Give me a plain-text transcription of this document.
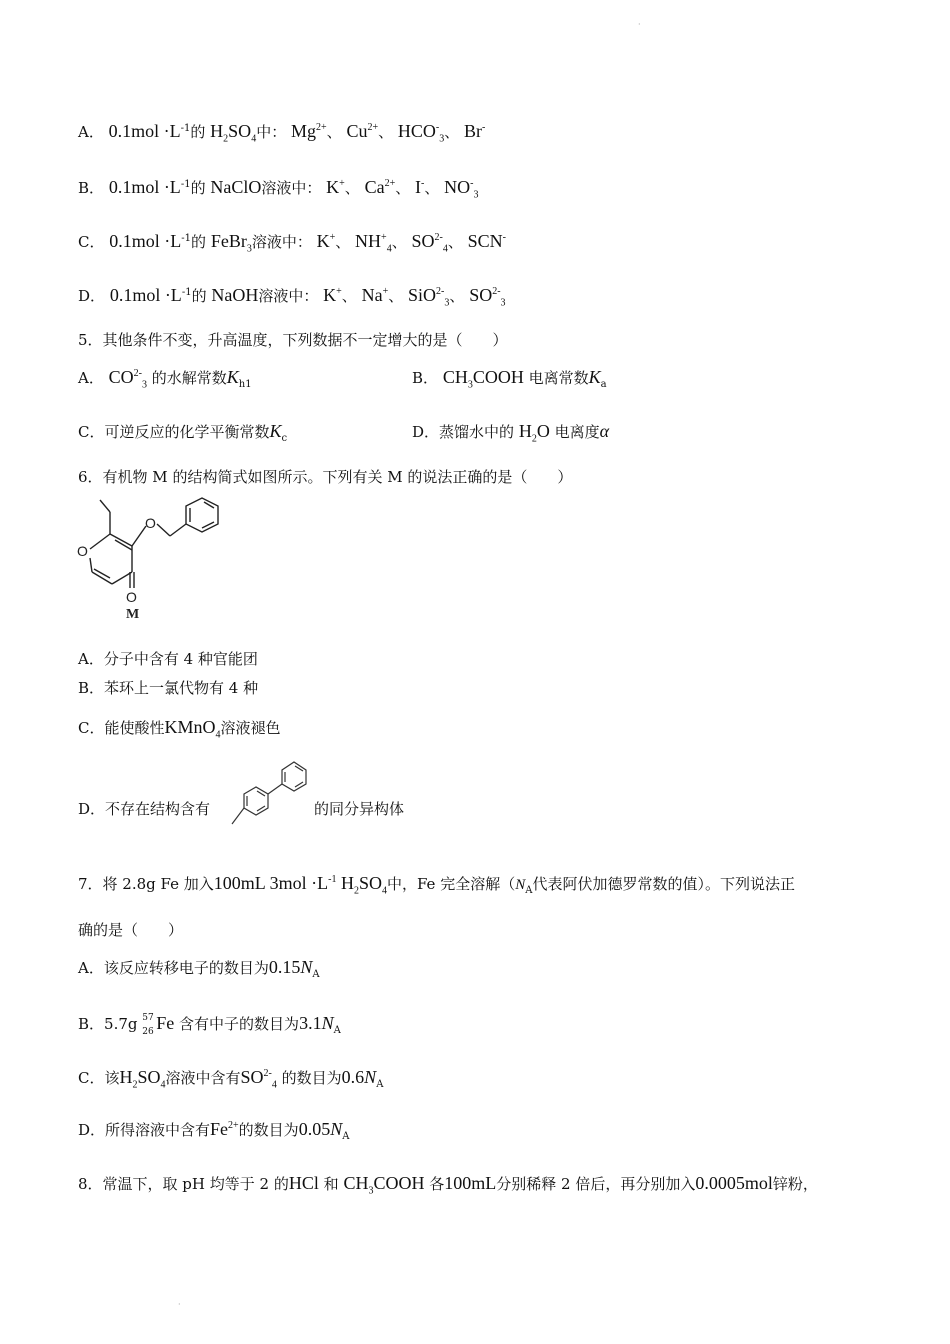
·
·
A． $0.1mol \cdot L^{-1}$的 $H_2SO_4$中： $Mg^{2+}$、 $Cu^{2+}$、 $HCO^-_3$、 Br-
B． $0.1mol \cdot L^{-1}$的 NaClO溶液中： K+、 $Ca^{2+}$、 I-、 $NO^-_3$
C． $0.1mol \cdot L^{-1}$的 FeBr$_3$溶液中： K+、 $NH^+_4$、 $SO^{2-}_4$、 SCN-
D． $0.1mol \cdot L^{-1}$的 NaOH溶液中： K+、 Na+、 SiO$^{2-}_3$、 $SO^{2-}_3$
5．其他条件不变，升高温度，下列数据不一定增大的是（　　）
A． $CO^{2-}_3$ 的水解常数$K_{h1}$	B． $CH_3COOH$ 电离常数$K_a$
C．可逆反应的化学平衡常数$K_c$	D．蒸馏水中的 $H_2O$ 电离度α
6．有机物 M 的结构简式如图所示。下列有关 M 的说法正确的是（　　）
O
O
O
M
A．分子中含有 4 种官能团
B．苯环上一氯代物有 4 种
C．能使酸性KMnO$_4$溶液褪色
D．不存在结构含有	的同分异构体
7．将 2.8g Fe 加入100mL $3mol \cdot L^{-1}$ $H_2SO_4$中，Fe 完全溶解（$N_A$代表阿伏加德罗常数的值）。下列说法正
确的是（　　）
A．该反应转移电子的数目为$0.15N_A$
B．5.7g 57
26 Fe 含有中子的数目为$3.1N_A$
C．该$H_2SO_4$溶液中含有$SO^{2-}_4$ 的数目为$0.6N_A$
D．所得溶液中含有$Fe^{2+}$的数目为$0.05N_A$
8．常温下，取 pH 均等于 2 的HCl 和 $CH_3COOH$ 各100mL分别稀释 2 倍后，再分别加入0.0005mol锌粉，
